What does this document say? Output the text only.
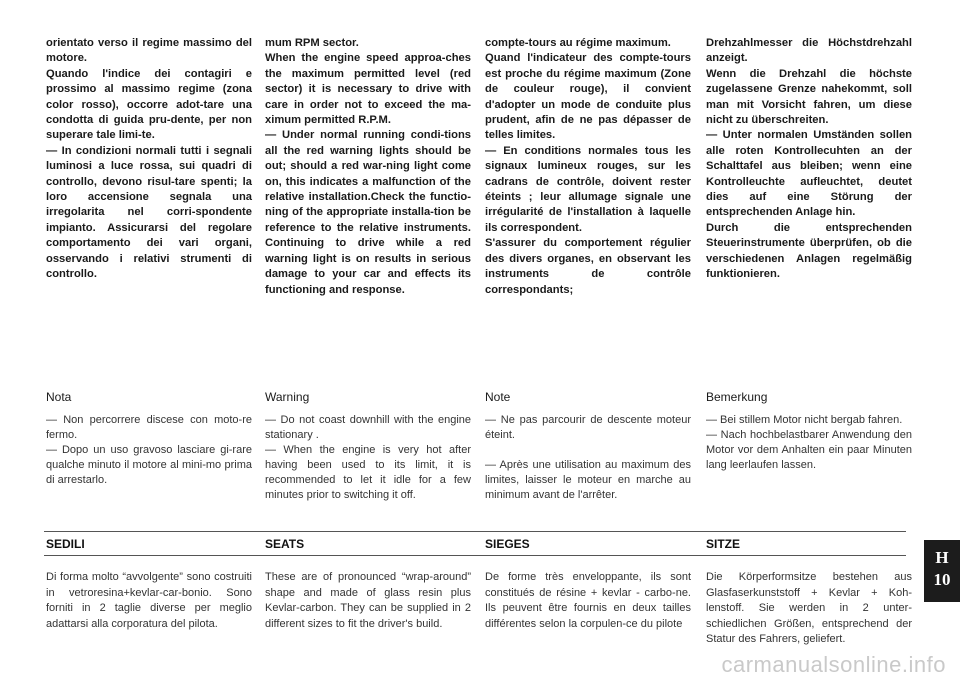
orientato verso il regime massimo del motore.
Quando l'indice dei contagiri e prossimo al massimo regime (zona color rosso), occorre adot-tare una condotta di guida pru-dente, per non superare tale limi-te.
— In condizioni normali tutti i segnali luminosi a luce rossa, sui quadri di controllo, devono risul-tare spenti; la loro accensione segnala una irregolarita nel corri-spondente impianto. Assicurarsi del regolare comportamento dei vari organi, osservando i relativi strumenti di controllo.

mum RPM sector.
When the engine speed approa-ches the maximum permitted level (red sector) it is necessary to drive with care in order not to exceed the ma- ximum permitted R.P.M.
— Under normal running condi-tions all the red warning lights should be out; should a red war-ning light come on, this indicates a malfunction of the relative installation.Check the functio-ning of the appropriate installa-tion be reference to the relative instruments. Continuing to drive while a red warning light is on results in serious damage to your car and effects its functioning and response.

compte-tours au régime maximum.
Quand l'indicateur des compte-tours est proche du régime maximum (Zone de couleur rouge), il convient d'adopter un mode de conduite plus prudent, afin de ne pas dépasser de telles limites.
— En conditions normales tous les signaux lumineux rouges, sur les cadrans de contrôle, doivent rester éteints ; leur allumage signale une irrégularité de l'installation à laquelle ils correspondent.
S'assurer du comportement régulier des divers organes, en observant les instruments de contrôle correspondants;

Drehzahlmesser die Höchstdrehzahl anzeigt.
Wenn die Drehzahl die höchste zugelassene Grenze nahekommt, soll man mit Vorsicht fahren, um diese nicht zu überschreiten.
— Unter normalen Umständen sollen alle roten Kontrollecuhten an der Schalttafel aus bleiben; wenn eine Kontrolleuchte aufleuchtet, deutet dies auf eine Störung der entsprechenden Anlage hin.
Durch die entsprechenden Steuerinstrumente überprüfen, ob die verschiedenen Anlagen regelmäßig funktionieren.

Nota

— Non percorrere discese con moto-re fermo.
— Dopo un uso gravoso lasciare gi-rare qualche minuto il motore al mini-mo prima di arrestarlo.

Warning

— Do not coast downhill with the engine stationary .
— When the engine is very hot after having been used to its limit, it is recommended to let it idle for a few minutes prior to switching it off.

Note

— Ne pas parcourir de descente moteur éteint.

— Après une utilisation au maximum des limites, laisser le moteur en marche au minimum avant de l'arrêter.

Bemerkung

— Bei stillem Motor nicht bergab fahren.
— Nach hochbelastbarer Anwendung den Motor vor dem Anhalten ein paar Minuten lang leerlaufen lassen.

SEDILI	SEATS	SIEGES	SITZE

Di forma molto “avvolgente” sono costruiti in vetroresina+kevlar-car-bonio. Sono forniti in 2 taglie diverse per meglio adattarsi alla corporatura del pilota.

These are of pronounced “wrap-around” shape and made of glass resin plus Kevlar-carbon. They can be supplied in 2 different sizes to fit the driver's build.

De forme très enveloppante, ils sont constitués de résine + kevlar - carbo-ne. Ils peuvent être fournis en deux tailles différentes selon la corpulen-ce du pilote

Die Körperformsitze bestehen aus Glasfaserkunststoff + Kevlar + Koh-lenstoff. Sie werden in 2 unter-schiedlichen Größen, entsprechend der Statur des Fahrers, geliefert.

H
10
carmanualsonline.info
